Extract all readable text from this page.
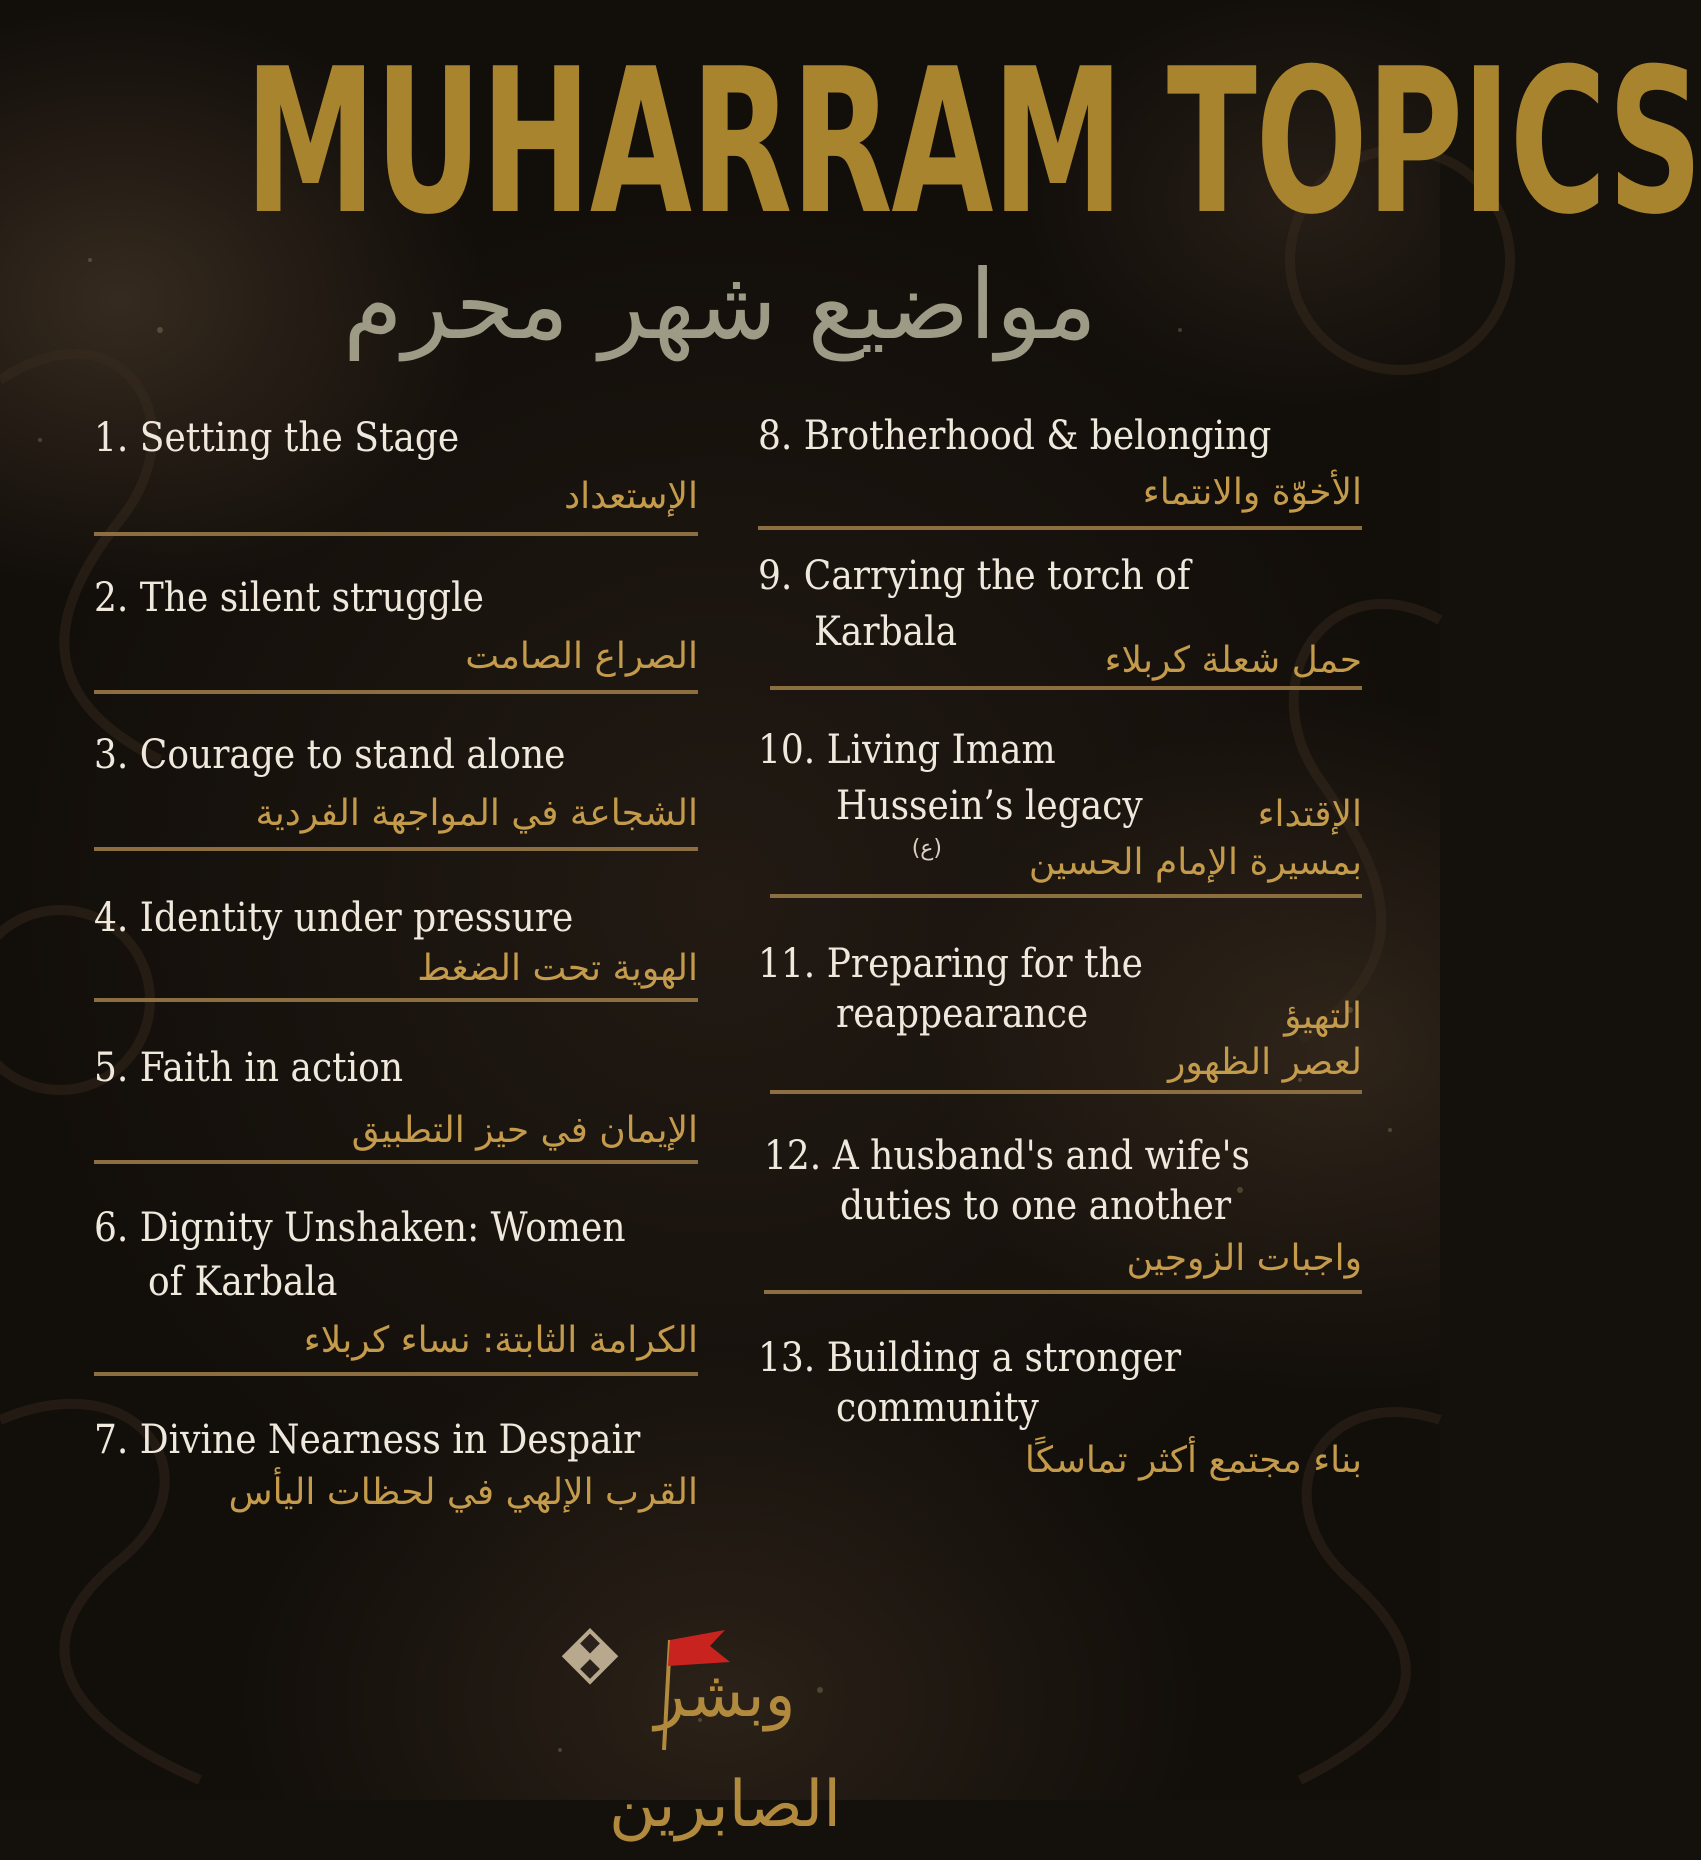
MUHARRAM TOPICS
مواضيع شهر محرم
1. Setting the Stage
الإستعداد
2. The silent struggle
الصراع الصامت
3. Courage to stand alone
الشجاعة في المواجهة الفردية
4. Identity under pressure
الهوية تحت الضغط
5. Faith in action
الإيمان في حيز التطبيق
6. Dignity Unshaken: Women
of Karbala
الكرامة الثابتة: نساء كربلاء
7. Divine Nearness in Despair
القرب الإلهي في لحظات اليأس
8. Brotherhood & belonging
الأخوّة والانتماء
9. Carrying the torch of
Karbala
حمل شعلة كربلاء
10. Living Imam
Hussein’s legacy	الإقتداء
بمسيرة الإمام الحسين
(ع)
11. Preparing for the
reappearance	التهيؤ
لعصر الظهور
12. A husband's and wife's
duties to one another
واجبات الزوجين
13. Building a stronger
community
بناء مجتمع أكثر تماسكًا
وبشر الصابرين
